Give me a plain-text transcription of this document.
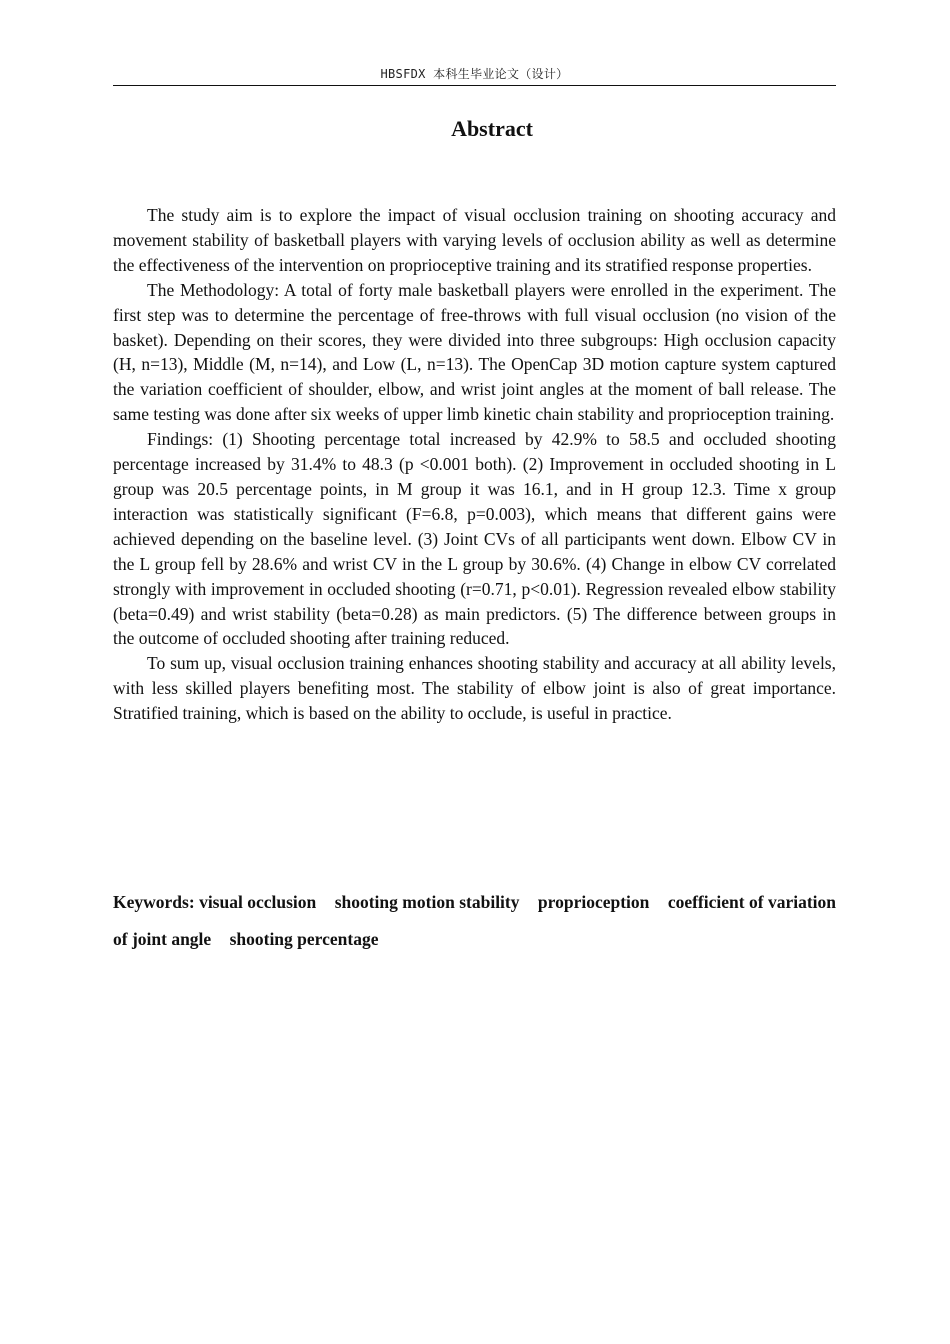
HBSFDX 本科生毕业论文（设计）
Abstract

The study aim is to explore the impact of visual occlusion training on shooting accuracy and movement stability of basketball players with varying levels of occlusion ability as well as determine the effectiveness of the intervention on proprioceptive training and its stratified response properties.

The Methodology: A total of forty male basketball players were enrolled in the experiment. The first step was to determine the percentage of free-throws with full visual occlusion (no vision of the basket). Depending on their scores, they were divided into three subgroups: High occlusion capacity (H, n=13), Middle (M, n=14), and Low (L, n=13). The OpenCap 3D motion capture system captured the variation coefficient of shoulder, elbow, and wrist joint angles at the moment of ball release. The same testing was done after six weeks of upper limb kinetic chain stability and proprioception training.

Findings: (1) Shooting percentage total increased by 42.9% to 58.5 and occluded shooting percentage increased by 31.4% to 48.3 (p <0.001 both). (2) Improvement in occluded shooting in L group was 20.5 percentage points, in M group it was 16.1, and in H group 12.3. Time x group interaction was statistically significant (F=6.8, p=0.003), which means that different gains were achieved depending on the baseline level. (3) Joint CVs of all participants went down. Elbow CV in the L group fell by 28.6% and wrist CV in the L group by 30.6%. (4) Change in elbow CV correlated strongly with improvement in occluded shooting (r=0.71, p<0.01). Regression revealed elbow stability (beta=0.49) and wrist stability (beta=0.28) as main predictors. (5) The difference between groups in the outcome of occluded shooting after training reduced.

To sum up, visual occlusion training enhances shooting stability and accuracy at all ability levels, with less skilled players benefiting most. The stability of elbow joint is also of great importance. Stratified training, which is based on the ability to occlude, is useful in practice.

Keywords: visual occlusion shooting motion stability proprioception coefficient of variation of joint angle shooting percentage
